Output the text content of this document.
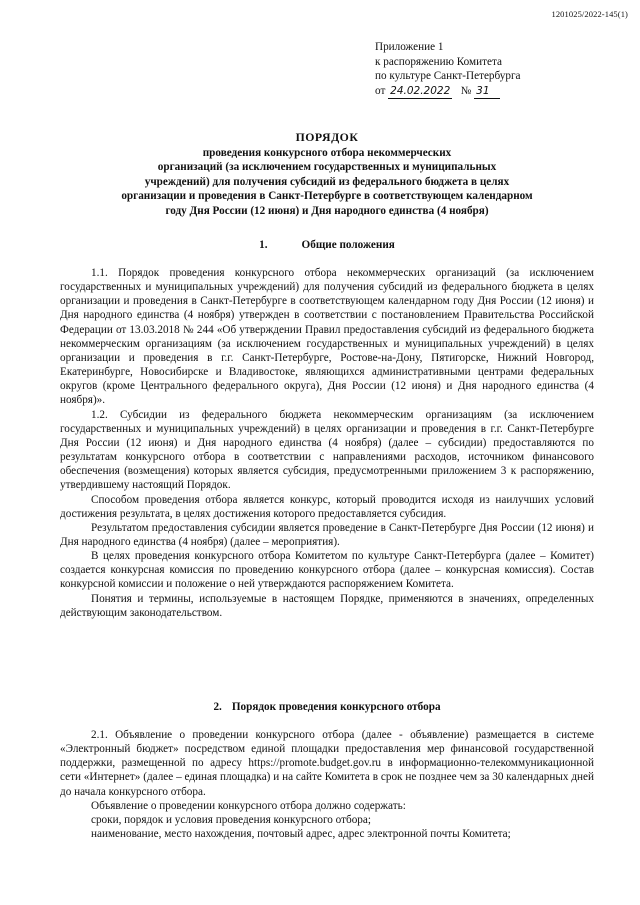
1201025/2022-145(1)
Приложение 1
к распоряжению Комитета
по культуре Санкт-Петербурга
от 24.02.2022 № 31
ПОРЯДОК
проведения конкурсного отбора некоммерческих
организаций (за исключением государственных и муниципальных
учреждений) для получения субсидий из федерального бюджета в целях
организации и проведения в Санкт-Петербурге в соответствующем календарном
году Дня России (12 июня) и Дня народного единства (4 ноября)
1.	Общие положения

1.1. Порядок проведения конкурсного отбора некоммерческих организаций (за исключением государственных и муниципальных учреждений) для получения субсидий из федерального бюджета в целях организации и проведения в Санкт-Петербурге в соответствующем календарном году Дня России (12 июня) и Дня народного единства (4 ноября) утвержден в соответствии с постановлением Правительства Российской Федерации от 13.03.2018 № 244 «Об утверждении Правил предоставления субсидий из федерального бюджета некоммерческим организациям (за исключением государственных и муниципальных учреждений) в целях организации и проведения в г.г. Санкт-Петербурге, Ростове-на-Дону, Пятигорске, Нижний Новгород, Екатеринбурге, Новосибирске и Владивостоке, являющихся административными центрами федеральных округов (кроме Центрального федерального округа), Дня России (12 июня) и Дня народного единства (4 ноября)».

1.2. Субсидии из федерального бюджета некоммерческим организациям (за исключением государственных и муниципальных учреждений) в целях организации и проведения в г.г. Санкт-Петербурге Дня России (12 июня) и Дня народного единства (4 ноября) (далее – субсидии) предоставляются по результатам конкурсного отбора в соответствии с направлениями расходов, источником финансового обеспечения (возмещения) которых является субсидия, предусмотренными приложением 3 к распоряжению, утвердившему настоящий Порядок.

Способом проведения отбора является конкурс, который проводится исходя из наилучших условий достижения результата, в целях достижения которого предоставляется субсидия.

Результатом предоставления субсидии является проведение в Санкт-Петербурге Дня России (12 июня) и Дня народного единства (4 ноября) (далее – мероприятия).

В целях проведения конкурсного отбора Комитетом по культуре Санкт-Петербурга (далее – Комитет) создается конкурсная комиссия по проведению конкурсного отбора (далее – конкурсная комиссия). Состав конкурсной комиссии и положение о ней утверждаются распоряжением Комитета.

Понятия и термины, используемые в настоящем Порядке, применяются в значениях, определенных действующим законодательством.

2. Порядок проведения конкурсного отбора

2.1. Объявление о проведении конкурсного отбора (далее - объявление) размещается в системе «Электронный бюджет» посредством единой площадки предоставления мер финансовой государственной поддержки, размещенной по адресу https://promote.budget.gov.ru в информационно-телекоммуникационной сети «Интернет» (далее – единая площадка) и на сайте Комитета в срок не позднее чем за 30 календарных дней до начала конкурсного отбора.

Объявление о проведении конкурсного отбора должно содержать:

сроки, порядок и условия проведения конкурсного отбора;

наименование, место нахождения, почтовый адрес, адрес электронной почты Комитета;
